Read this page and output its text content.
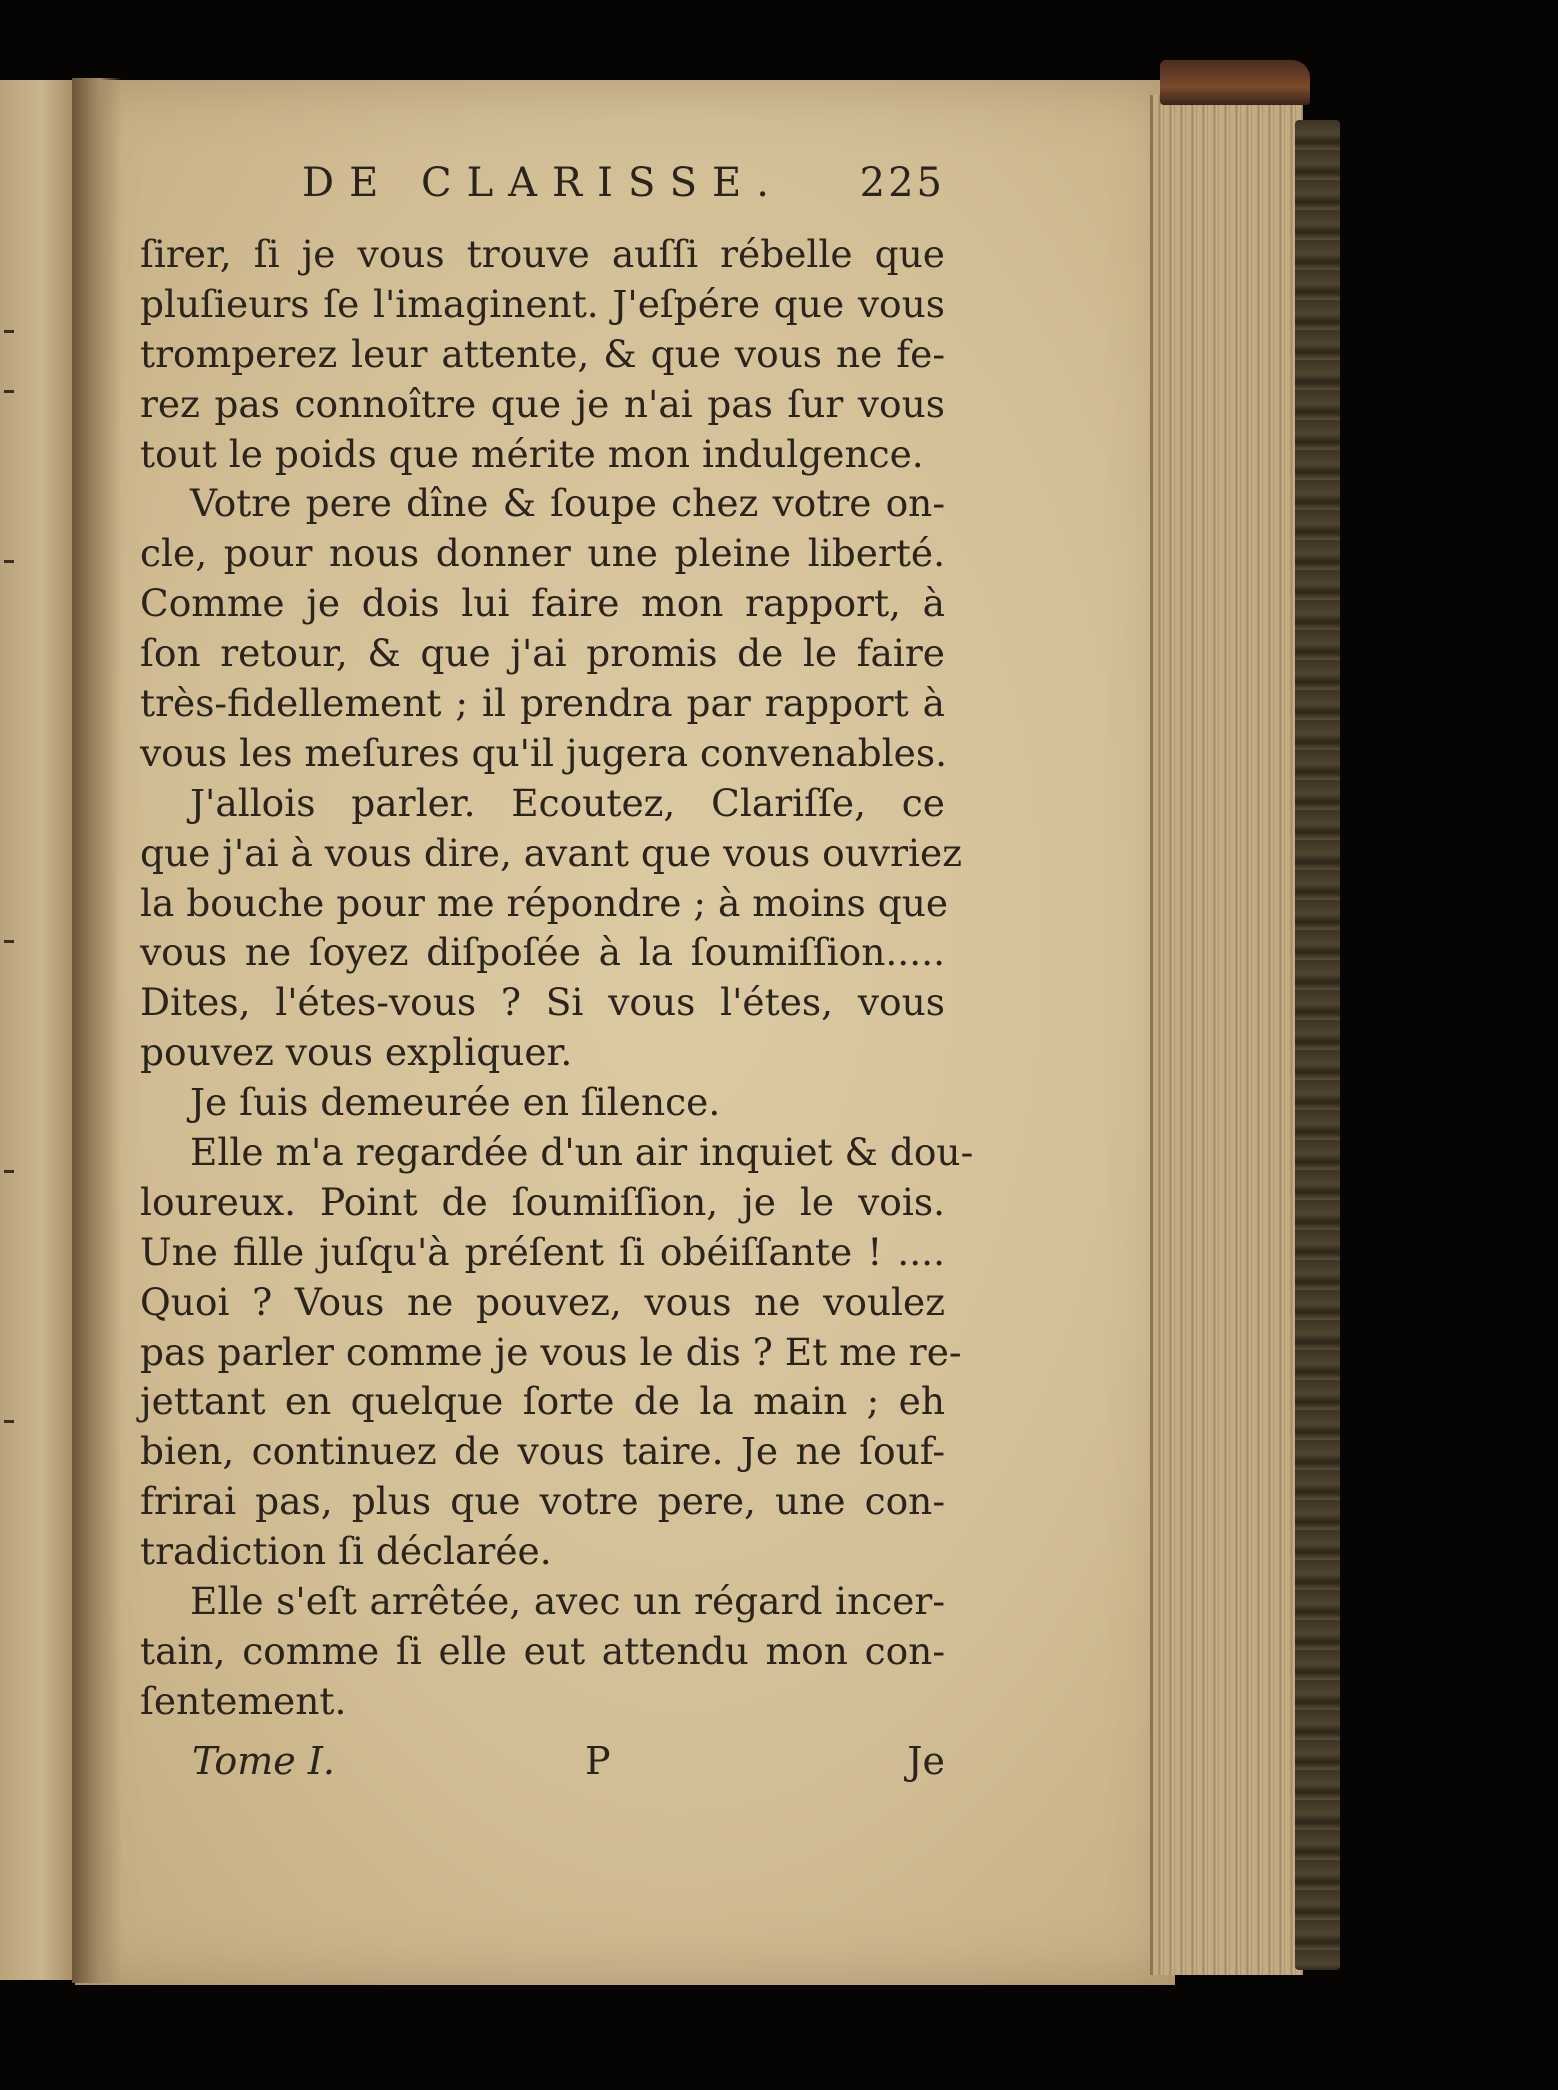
DE CLARISSE. 225
ſirer, ſi je vous trouve auſſi rébelle que
pluſieurs ſe l'imaginent. J'eſpére que vous
tromperez leur attente, & que vous ne fe-
rez pas connoître que je n'ai pas ſur vous
tout le poids que mérite mon indulgence.
Votre pere dîne & ſoupe chez votre on-
cle, pour nous donner une pleine liberté.
Comme je dois lui faire mon rapport, à
ſon retour, & que j'ai promis de le faire
très-fidellement ; il prendra par rapport à
vous les meſures qu'il jugera convenables.
J'allois parler. Ecoutez, Clariſſe, ce
que j'ai à vous dire, avant que vous ouvriez
la bouche pour me répondre ; à moins que
vous ne ſoyez diſpoſée à la ſoumiſſion.....
Dites, l'étes-vous ? Si vous l'étes, vous
pouvez vous expliquer.
Je ſuis demeurée en ſilence.
Elle m'a regardée d'un air inquiet & dou-
loureux. Point de ſoumiſſion, je le vois.
Une fille juſqu'à préſent ſi obéiſſante ! ....
Quoi ? Vous ne pouvez, vous ne voulez
pas parler comme je vous le dis ? Et me re-
jettant en quelque ſorte de la main ; eh
bien, continuez de vous taire. Je ne ſouf-
frirai pas, plus que votre pere, une con-
tradiction ſi déclarée.
Elle s'eſt arrêtée, avec un régard incer-
tain, comme ſi elle eut attendu mon con-
ſentement.
Tome I.	P	Je
